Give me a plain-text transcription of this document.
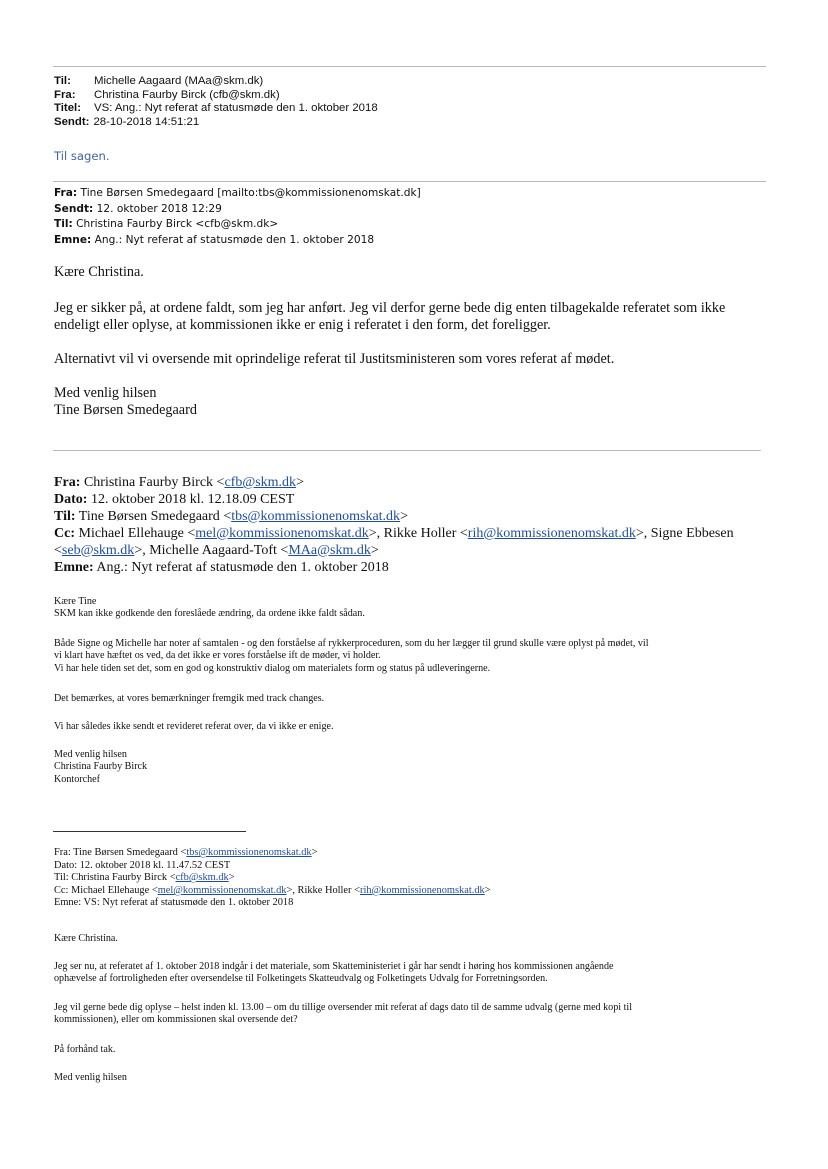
Til: Michelle Aagaard (MAa@skm.dk)
Fra: Christina Faurby Birck (cfb@skm.dk)
Titel: VS: Ang.: Nyt referat af statusmøde den 1. oktober 2018
Sendt: 28-10-2018 14:51:21
Til sagen.
Fra: Tine Børsen Smedegaard [mailto:tbs@kommissionenomskat.dk]
Sendt: 12. oktober 2018 12:29
Til: Christina Faurby Birck <cfb@skm.dk>
Emne: Ang.: Nyt referat af statusmøde den 1. oktober 2018
Kære Christina.
Jeg er sikker på, at ordene faldt, som jeg har anført. Jeg vil derfor gerne bede dig enten tilbagekalde referatet som ikke
endeligt eller oplyse, at kommissionen ikke er enig i referatet i den form, det foreligger.
Alternativt vil vi oversende mit oprindelige referat til Justitsministeren som vores referat af mødet.
Med venlig hilsen
Tine Børsen Smedegaard
Fra: Christina Faurby Birck <cfb@skm.dk>
Dato: 12. oktober 2018 kl. 12.18.09 CEST
Til: Tine Børsen Smedegaard <tbs@kommissionenomskat.dk>
Cc: Michael Ellehauge <mel@kommissionenomskat.dk>, Rikke Holler <rih@kommissionenomskat.dk>, Signe Ebbesen
<seb@skm.dk>, Michelle Aagaard-Toft <MAa@skm.dk>
Emne: Ang.: Nyt referat af statusmøde den 1. oktober 2018
Kære Tine
SKM kan ikke godkende den foreslåede ændring, da ordene ikke faldt sådan.
Både Signe og Michelle har noter af samtalen - og den forståelse af rykkerproceduren, som du her lægger til grund skulle være oplyst på mødet, vil
vi klart have hæftet os ved, da det ikke er vores forståelse ift de møder, vi holder.
Vi har hele tiden set det, som en god og konstruktiv dialog om materialets form og status på udleveringerne.
Det bemærkes, at vores bemærkninger fremgik med track changes.
Vi har således ikke sendt et revideret referat over, da vi ikke er enige.
Med venlig hilsen
Christina Faurby Birck
Kontorchef
Fra: Tine Børsen Smedegaard <tbs@kommissionenomskat.dk>
Dato: 12. oktober 2018 kl. 11.47.52 CEST
Til: Christina Faurby Birck <cfb@skm.dk>
Cc: Michael Ellehauge <mel@kommissionenomskat.dk>, Rikke Holler <rih@kommissionenomskat.dk>
Emne: VS: Nyt referat af statusmøde den 1. oktober 2018
Kære Christina.
Jeg ser nu, at referatet af 1. oktober 2018 indgår i det materiale, som Skatteministeriet i går har sendt i høring hos kommissionen angående
ophævelse af fortroligheden efter oversendelse til Folketingets Skatteudvalg og Folketingets Udvalg for Forretningsorden.
Jeg vil gerne bede dig oplyse – helst inden kl. 13.00 – om du tillige oversender mit referat af dags dato til de samme udvalg (gerne med kopi til
kommissionen), eller om kommissionen skal oversende det?
På forhånd tak.
Med venlig hilsen
